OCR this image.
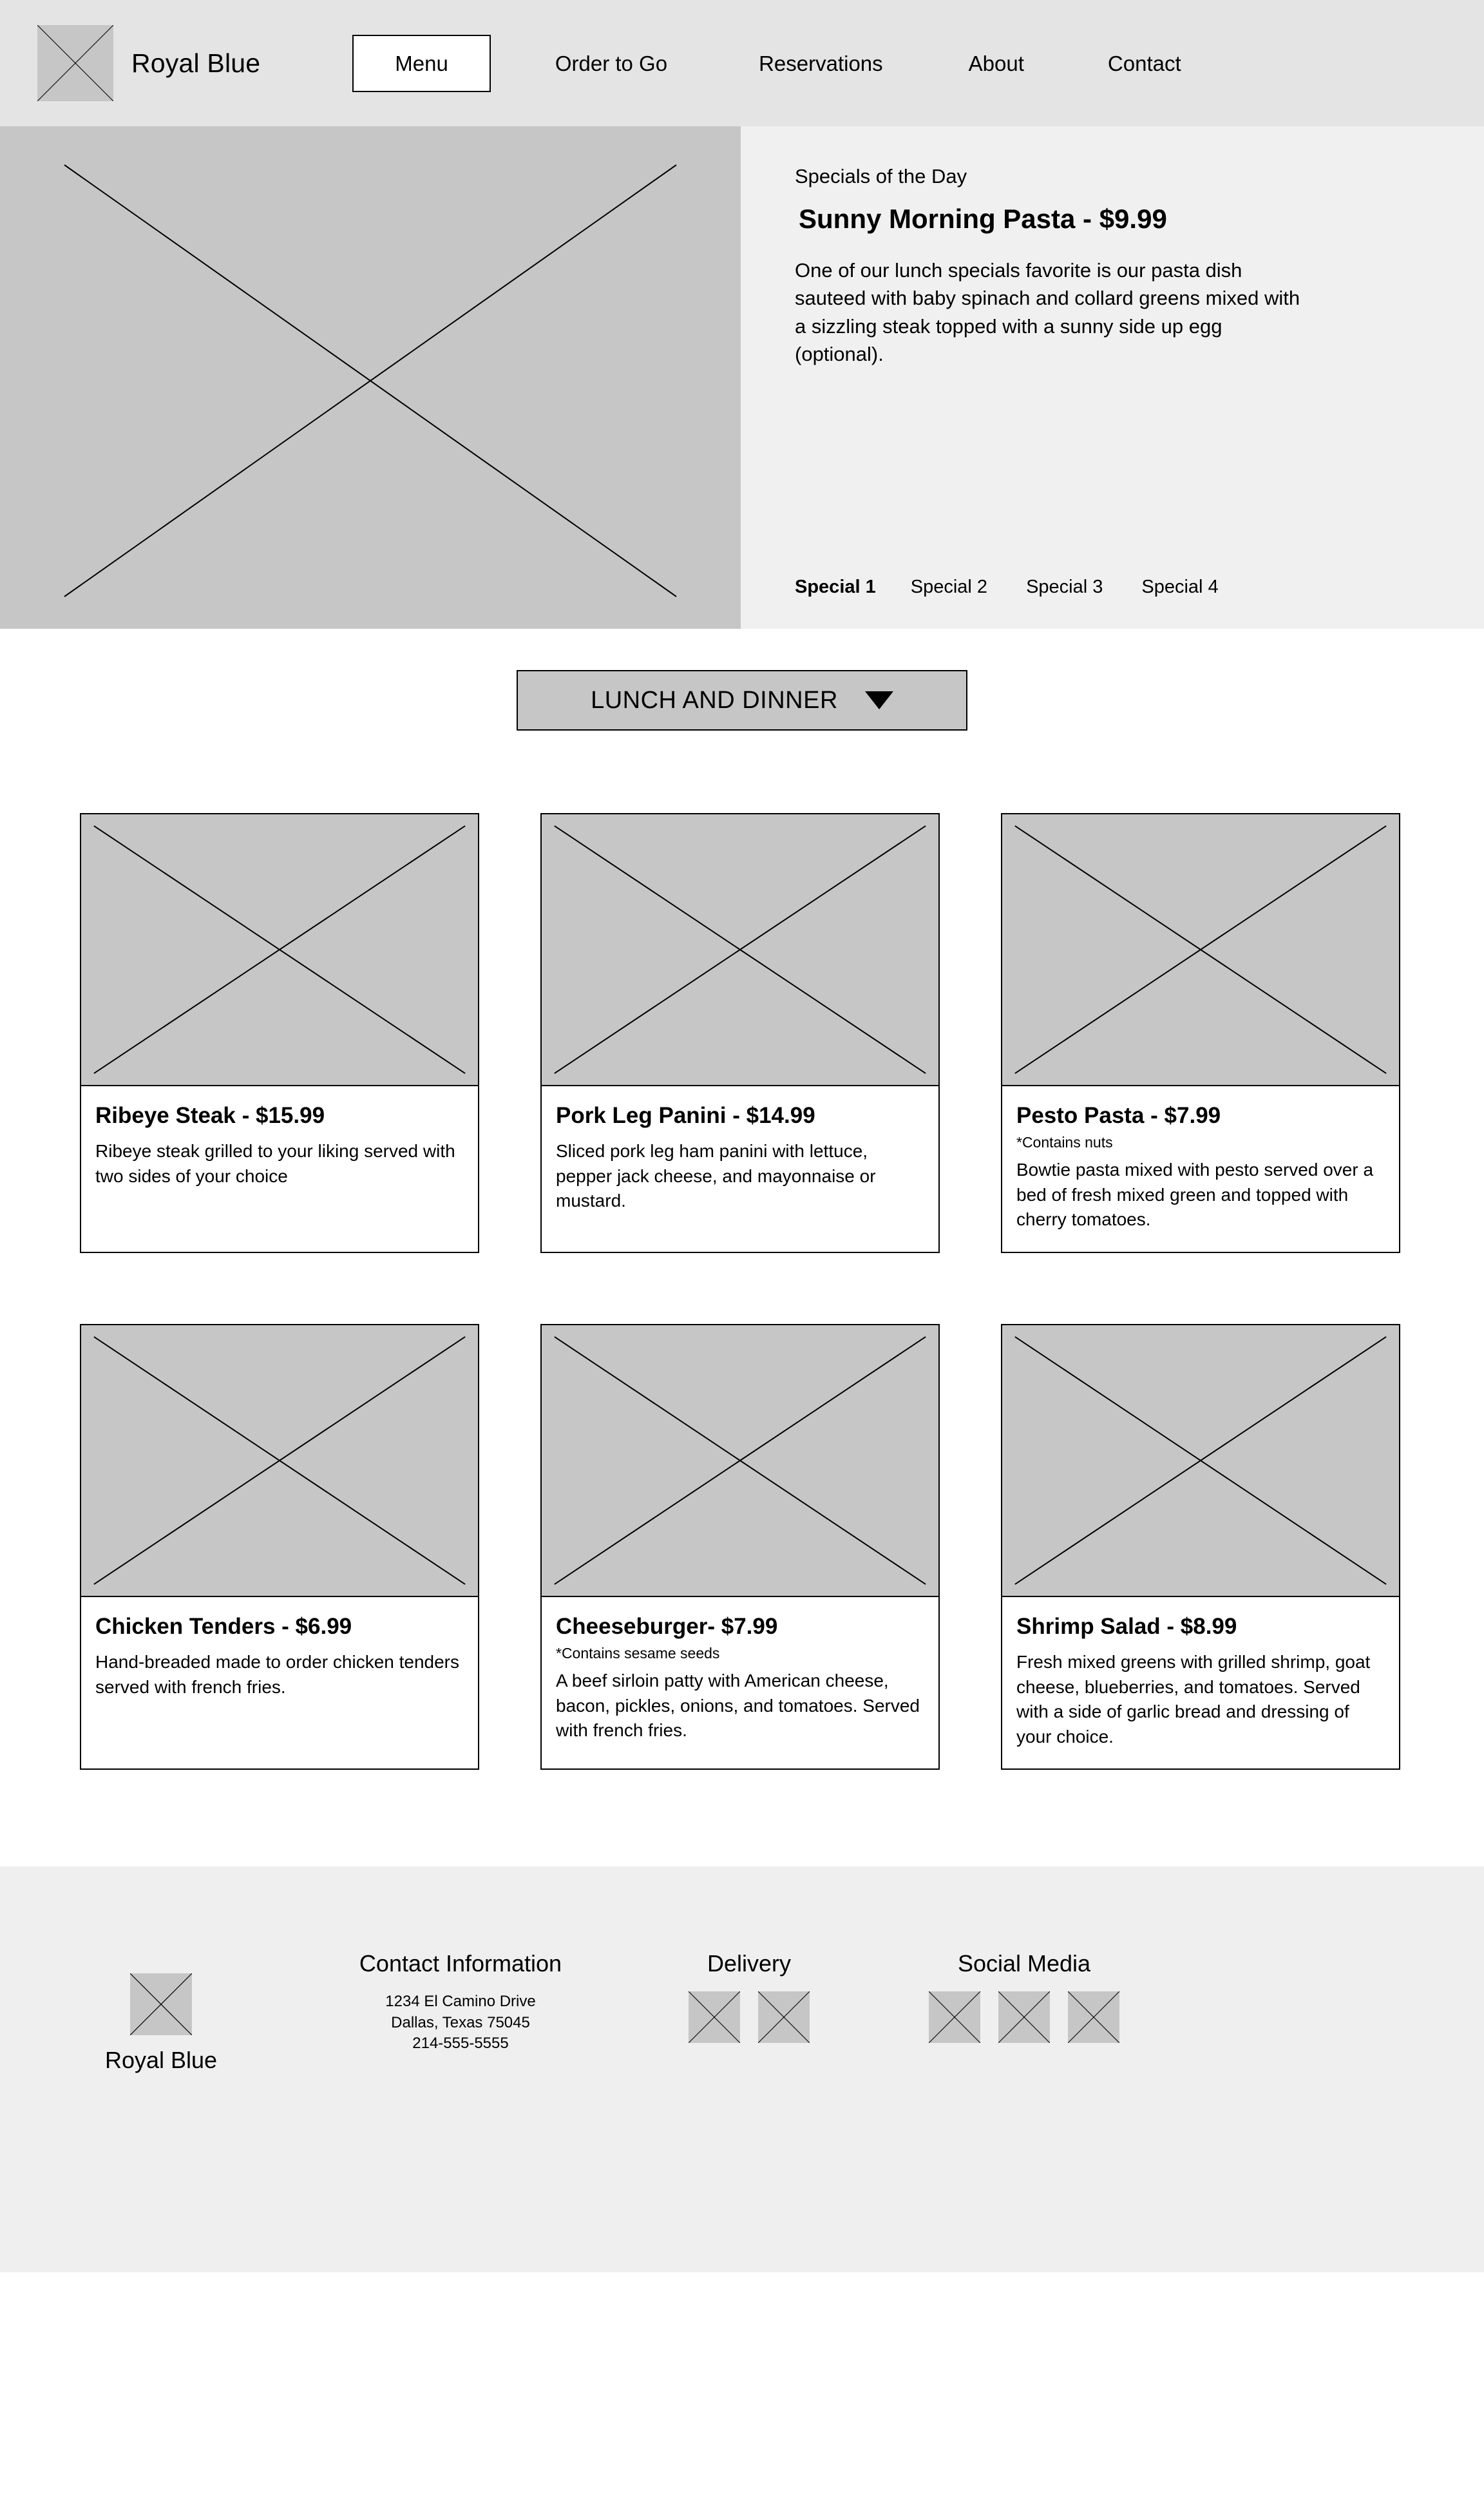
Royal Blue	Menu	Order to Go	Reservations	About	Contact

Specials of the Day

Sunny Morning Pasta - $9.99

One of our lunch specials favorite is our pasta dish sauteed with baby spinach and collard greens mixed with a sizzling steak topped with a sunny side up egg (optional).

Special 1 Special 2 Special 3 Special 4
LUNCH AND DINNER
Ribeye Steak - $15.99

Ribeye steak grilled to your liking served with two sides of your choice

Pork Leg Panini - $14.99

Sliced pork leg ham panini with lettuce, pepper jack cheese, and mayonnaise or mustard.

Pesto Pasta - $7.99

*Contains nuts

Bowtie pasta mixed with pesto served over a bed of fresh mixed green and topped with cherry tomatoes.

Chicken Tenders - $6.99

Hand-breaded made to order chicken tenders served with french fries.

Cheeseburger- $7.99

*Contains sesame seeds

A beef sirloin patty with American cheese, bacon, pickles, onions, and tomatoes. Served with french fries.

Shrimp Salad - $8.99

Fresh mixed greens with grilled shrimp, goat cheese, blueberries, and tomatoes. Served with a side of garlic bread and dressing of your choice.

Royal Blue
Contact Information
1234 El Camino Drive
Dallas, Texas 75045
214-555-5555
Delivery	Social Media
